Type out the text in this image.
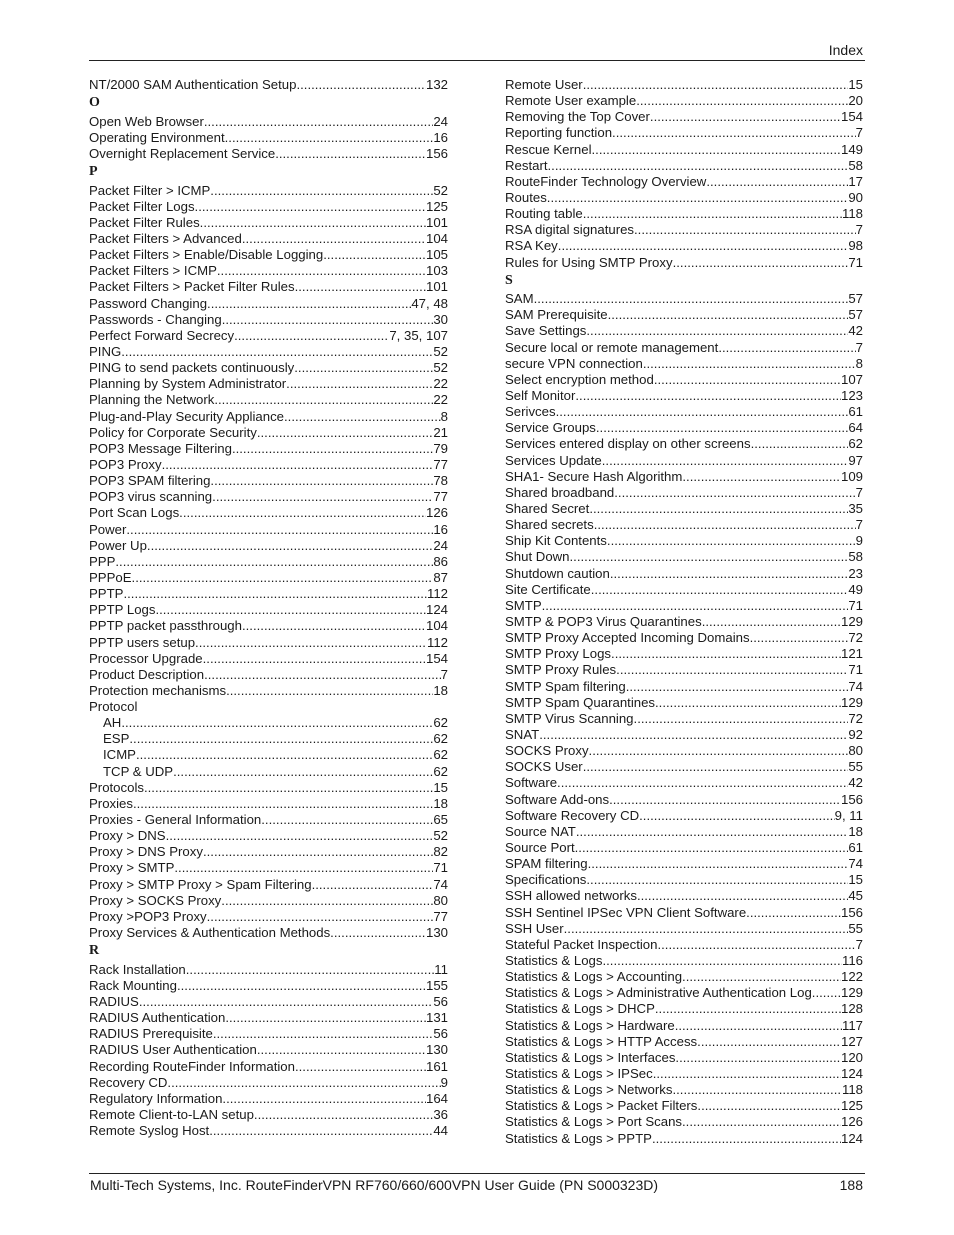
Index
NT/2000 SAM Authentication Setup .....	132
O
Open Web Browser .....	24
Operating Environment .....	16
Overnight Replacement Service .....	156
P
Packet Filter > ICMP .....	52
Packet Filter Logs .....	125
Packet Filter Rules .....	101
Packet Filters > Advanced .....	104
Packet Filters > Enable/Disable Logging .....	105
Packet Filters > ICMP .....	103
Packet Filters > Packet Filter Rules .....	101
Password Changing .....	47, 48
Passwords - Changing .....	30
Perfect Forward Secrecy .....	7, 35, 107
PING .....	52
PING to send packets continuously .....	52
Planning by System Administrator .....	22
Planning the Network .....	22
Plug-and-Play Security Appliance .....	8
Policy for Corporate Security .....	21
POP3 Message Filtering .....	79
POP3 Proxy .....	77
POP3 SPAM filtering .....	78
POP3 virus scanning .....	77
Port Scan Logs .....	126
Power .....	16
Power Up .....	24
PPP .....	86
PPPoE .....	87
PPTP .....	112
PPTP Logs .....	124
PPTP packet passthrough .....	104
PPTP users setup .....	112
Processor Upgrade .....	154
Product Description .....	7
Protection mechanisms .....	18
Protocol
AH .....	62
ESP .....	62
ICMP .....	62
TCP & UDP .....	62
Protocols .....	15
Proxies .....	18
Proxies - General Information .....	65
Proxy > DNS .....	52
Proxy > DNS Proxy .....	82
Proxy > SMTP .....	71
Proxy > SMTP Proxy > Spam Filtering .....	74
Proxy > SOCKS Proxy .....	80
Proxy >POP3 Proxy .....	77
Proxy Services & Authentication Methods .....	130
R
Rack Installation .....	11
Rack Mounting .....	155
RADIUS .....	56
RADIUS Authentication .....	131
RADIUS Prerequisite .....	56
RADIUS User Authentication .....	130
Recording RouteFinder Information .....	161
Recovery CD .....	9
Regulatory Information .....	164
Remote Client-to-LAN setup .....	36
Remote Syslog Host .....	44
Remote User .....	15
Remote User example .....	20
Removing the Top Cover .....	154
Reporting function .....	7
Rescue Kernel .....	149
Restart .....	58
RouteFinder Technology Overview .....	17
Routes .....	90
Routing table .....	118
RSA digital signatures .....	7
RSA Key .....	98
Rules for Using SMTP Proxy .....	71
S
SAM .....	57
SAM Prerequisite .....	57
Save Settings .....	42
Secure local or remote management .....	7
secure VPN connection .....	8
Select encryption method .....	107
Self Monitor .....	123
Serivces .....	61
Service Groups .....	64
Services entered display on other screens .....	62
Services Update .....	97
SHA1- Secure Hash Algorithm .....	109
Shared broadband .....	7
Shared Secret .....	35
Shared secrets .....	7
Ship Kit Contents .....	9
Shut Down .....	58
Shutdown caution .....	23
Site Certificate .....	49
SMTP .....	71
SMTP & POP3 Virus Quarantines .....	129
SMTP Proxy Accepted Incoming Domains .....	72
SMTP Proxy Logs .....	121
SMTP Proxy Rules .....	71
SMTP Spam filtering .....	74
SMTP Spam Quarantines .....	129
SMTP Virus Scanning .....	72
SNAT .....	92
SOCKS Proxy .....	80
SOCKS User .....	55
Software .....	42
Software Add-ons .....	156
Software Recovery CD .....	9, 11
Source NAT .....	18
Source Port .....	61
SPAM filtering .....	74
Specifications .....	15
SSH allowed networks .....	45
SSH Sentinel IPSec VPN Client Software .....	156
SSH User .....	55
Stateful Packet Inspection .....	7
Statistics & Logs .....	116
Statistics & Logs > Accounting .....	122
Statistics & Logs > Administrative Authentication Log ..... 129
Statistics & Logs > DHCP .....	128
Statistics & Logs > Hardware .....	117
Statistics & Logs > HTTP Access .....	127
Statistics & Logs > Interfaces .....	120
Statistics & Logs > IPSec .....	124
Statistics & Logs > Networks .....	118
Statistics & Logs > Packet Filters .....	125
Statistics & Logs > Port Scans .....	126
Statistics & Logs > PPTP .....	124
Multi-Tech Systems, Inc. RouteFinderVPN RF760/660/600VPN User Guide (PN S000323D)	188
